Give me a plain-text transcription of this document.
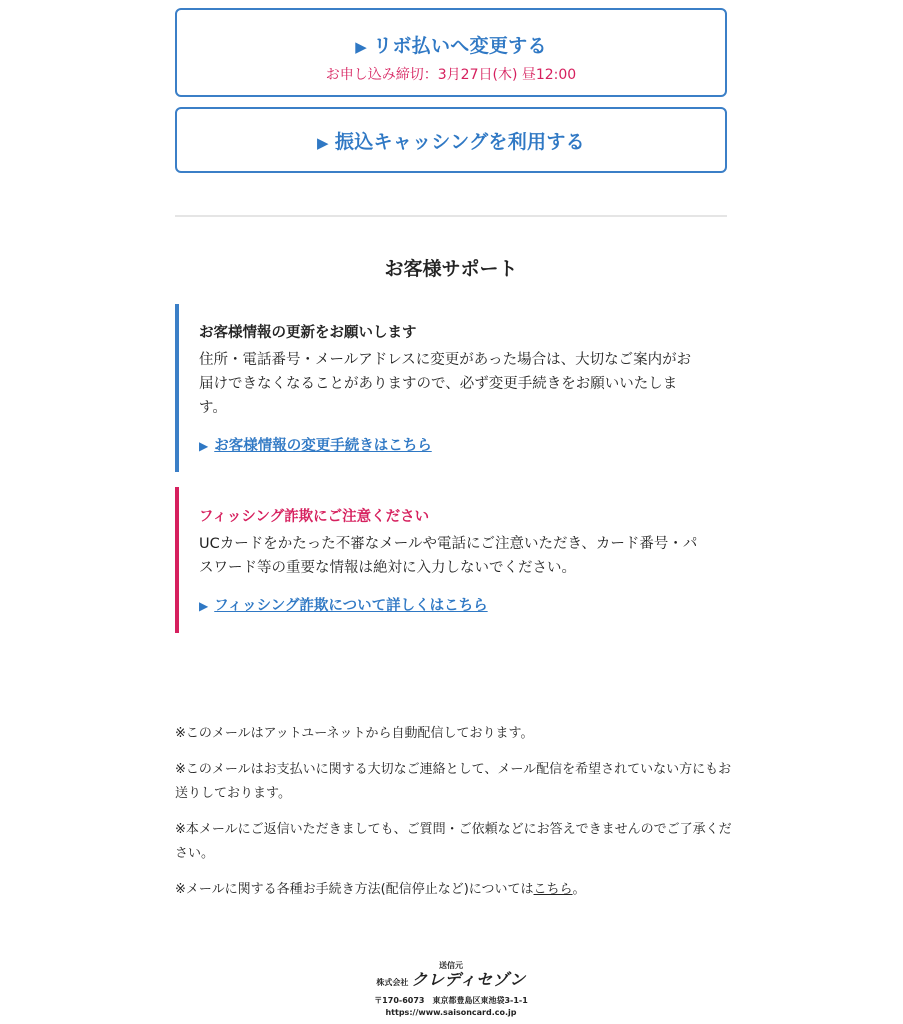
▶ リボ払いへ変更する
お申し込み締切：3月27日(木) 昼12:00
▶ 振込キャッシングを利用する
お客様サポート

お客様情報の更新をお願いします

住所・電話番号・メールアドレスに変更があった場合は、大切なご案内がお届けできなくなることがありますので、必ず変更手続きをお願いいたします。

▶ お客様情報の変更手続きはこちら

フィッシング詐欺にご注意ください

UCカードをかたった不審なメールや電話にご注意いただき、カード番号・パスワード等の重要な情報は絶対に入力しないでください。

▶ フィッシング詐欺について詳しくはこちら

※このメールはアットユーネットから自動配信しております。

※このメールはお支払いに関する大切なご連絡として、メール配信を希望されていない方にもお送りしております。

※本メールにご返信いただきましても、ご質問・ご依頼などにお答えできませんのでご了承ください。

※メールに関する各種お手続き方法(配信停止など)についてはこちら。

送信元
株式会社 クレディセゾン
〒170-6073　東京都豊島区東池袋3-1-1
https://www.saisoncard.co.jp
